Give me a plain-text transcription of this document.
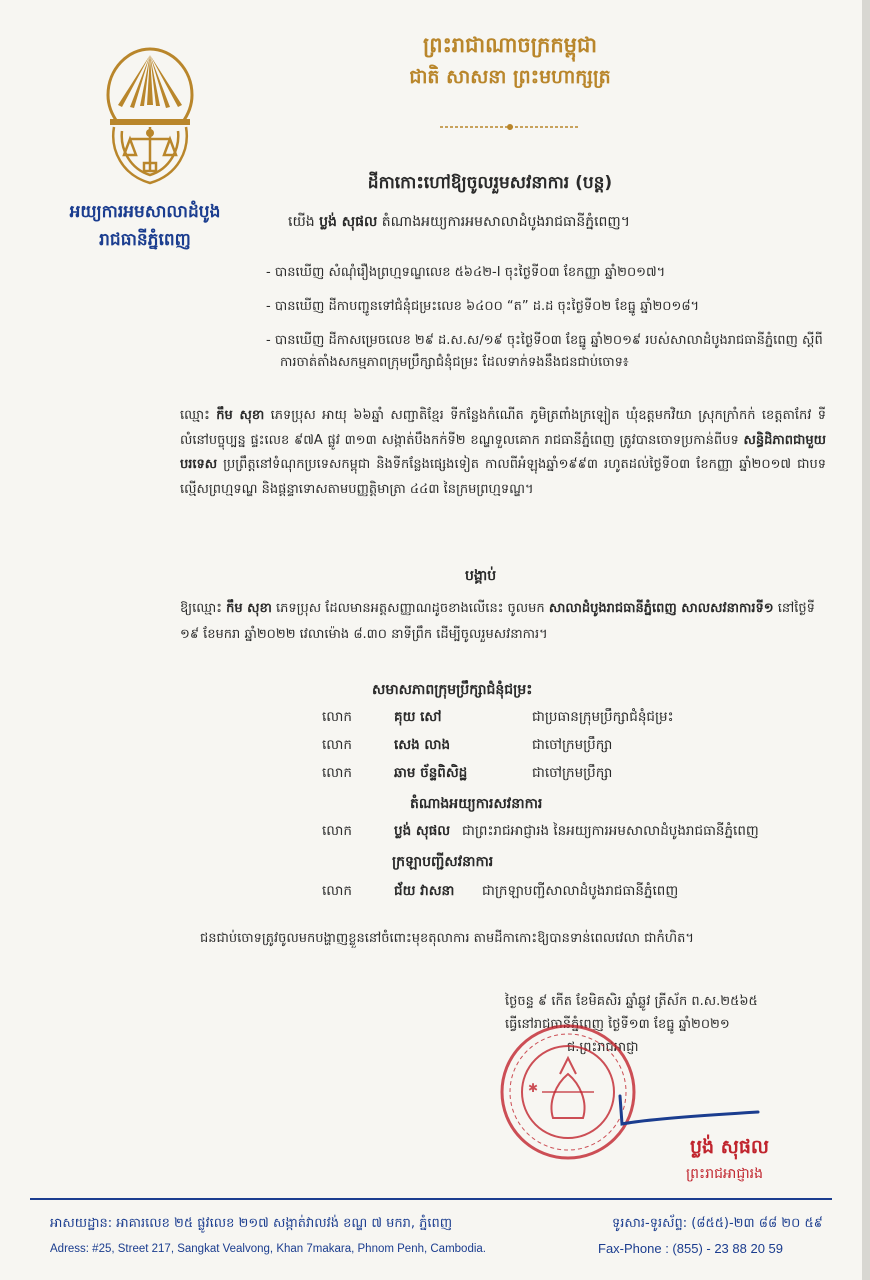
អយ្យការអមសាលាដំបូង
រាជធានីភ្នំពេញ
ព្រះរាជាណាចក្រកម្ពុជា
ជាតិ សាសនា ព្រះមហាក្សត្រ
ដីកាកោះហៅឱ្យចូលរួមសវនាការ (បន្ត)
យើង ប្លង់ សុផល តំណាងអយ្យការអមសាលាដំបូងរាជធានីភ្នំពេញ។
- បានឃើញ សំណុំរឿងព្រហ្មទណ្ឌលេខ ៥៦៤២-I ចុះថ្ងៃទី០៣ ខែកញ្ញា ឆ្នាំ២០១៧។
- បានឃើញ ដីកាបញ្ជូនទៅជំនុំជម្រះលេខ ៦៤០០ “ត” ដ.ដ ចុះថ្ងៃទី០២ ខែធ្នូ ឆ្នាំ២០១៨។
- បានឃើញ ដីកាសម្រេចលេខ ២៩ ដ.ស.ស/១៩ ចុះថ្ងៃទី០៣ ខែធ្នូ ឆ្នាំ២០១៩ របស់សាលាដំបូងរាជធានីភ្នំពេញ ស្តីពីការចាត់តាំងសកម្មភាពក្រុមប្រឹក្សាជំនុំជម្រះ ដែលទាក់ទងនឹងជនជាប់ចោទ៖
ឈ្មោះ កឹម សុខា ភេទប្រុស អាយុ ៦៦ឆ្នាំ សញ្ជាតិខ្មែរ ទីកន្លែងកំណើត ភូមិត្រពាំងក្រឡៀត ឃុំឧត្តមកវិយា ស្រុកក្រាំកក់ ខេត្តតាកែវ ទីលំនៅបច្ចុប្បន្ន ផ្ទះលេខ ៩៧A ផ្លូវ ៣១៣ សង្កាត់បឹងកក់ទី២ ខណ្ឌទួលគោក រាជធានីភ្នំពេញ ត្រូវបានចោទប្រកាន់ពីបទ សន្ធិដិភាពជាមួយបរទេស ប្រព្រឹត្តនៅទំណុកប្រទេសកម្ពុជា និងទីកន្លែងផ្សេងទៀត កាលពីអំឡុងឆ្នាំ១៩៩៣ រហូតដល់ថ្ងៃទី០៣ ខែកញ្ញា ឆ្នាំ២០១៧ ជាបទល្មើសព្រហ្មទណ្ឌ និងផ្តន្ទាទោសតាមបញ្ញត្តិមាត្រា ៤៤៣ នៃក្រមព្រហ្មទណ្ឌ។
បង្គាប់
ឱ្យឈ្មោះ កឹម សុខា ភេទប្រុស ដែលមានអត្តសញ្ញាណដូចខាងលើនេះ ចូលមក សាលាដំបូងរាជធានីភ្នំពេញ សាលសវនាការទី១ នៅថ្ងៃទី ១៩ ខែមករា ឆ្នាំ២០២២ វេលាម៉ោង ៨.៣០ នាទីព្រឹក ដើម្បីចូលរួមសវនាការ។
សមាសភាពក្រុមប្រឹក្សាជំនុំជម្រះ
លោក	គុយ សៅ	ជាប្រធានក្រុមប្រឹក្សាជំនុំជម្រះ
លោក	សេង លាង	ជាចៅក្រមប្រឹក្សា
លោក	ឆាម ច័ន្ទពិសិដ្ឋ	ជាចៅក្រមប្រឹក្សា
តំណាងអយ្យការសវនាការ
លោក	ប្លង់ សុផល ជាព្រះរាជអាជ្ញារង នៃអយ្យការអមសាលាដំបូងរាជធានីភ្នំពេញ
ក្រឡាបញ្ជីសវនាការ
លោក	ជ័យ វាសនា ជាក្រឡាបញ្ជីសាលាដំបូងរាជធានីភ្នំពេញ
ជនជាប់ចោទត្រូវចូលមកបង្ហាញខ្លួននៅចំពោះមុខតុលាការ តាមដីកាកោះឱ្យបានទាន់ពេលវេលា ជាកំហិត។
ថ្ងៃចន្ទ ៩ កើត ខែមិគសិរ ឆ្នាំឆ្លូវ ត្រីស័ក ព.ស.២៥៦៥
ធ្វើនៅរាជធានីភ្នំពេញ ថ្ងៃទី១៣ ខែធ្នូ ឆ្នាំ២០២១
ជ.ព្រះរាជអាជ្ញា
✱
ប្លង់ សុផល
ព្រះរាជអាជ្ញារង
អាសយដ្ឋាន: អាគារលេខ ២៥ ផ្លូវលេខ ២១៧ សង្កាត់វាលវង់ ខណ្ឌ ៧ មករា, ភ្នំពេញ
Adress: #25, Street 217, Sangkat Vealvong, Khan 7makara, Phnom Penh, Cambodia.
ទូរសារ-ទូរស័ព្ទ: (៨៥៥)-២៣ ៨៨ ២០ ៥៩
Fax-Phone : (855) - 23 88 20 59
